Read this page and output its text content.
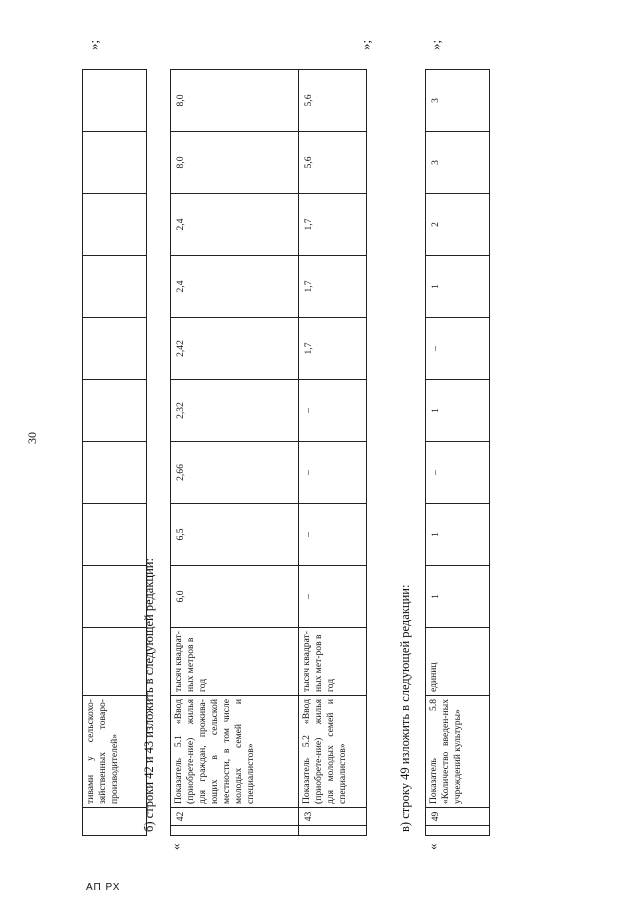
30
АП РХ
тивами у сельскохо-зяйственных товаро-производителей»
»;
б) строки 42 и 43 изложить в следующей редакции:
«
42
Показатель 5.1 «Ввод (приобрете-ние) жилья для граждан, прожива-ющих в сельской местности, в том числе молодых семей и специалистов»
тысяч квадрат-ных метров в год
6,0
6,5
2,66
2,32
2,42
2,4
2,4
8,0
8,0
43
Показатель 5.2 «Ввод (приобрете-ние) жилья для молодых семей и специалистов»
тысяч квадрат-ных мет-ров в год
–
–
–
–
1,7
1,7
1,7
5,6
5,6
»;
в) строку 49 изложить в следующей редакции:
«
49
Показатель 5.8 «Количество введен-ных учреждений культуры»
единиц
1
1
–
1
–
1
2
3
3
»;
